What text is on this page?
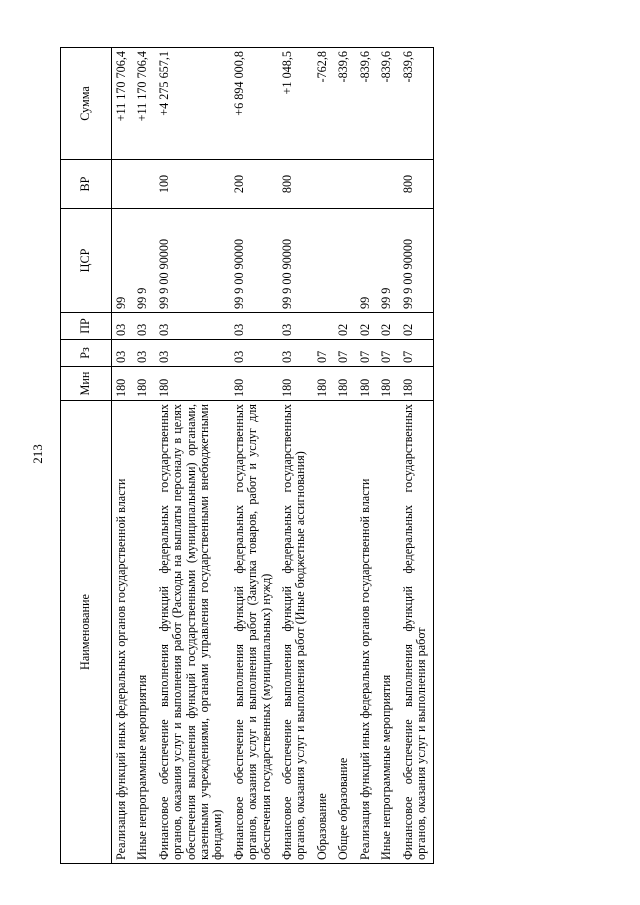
213
Наименование	Мин	Рз	ПР	ЦСР	ВР	Сумма
Реализация функций иных федеральных органов государственной власти	180	03	03	99		+11 170 706,4
Иные непрограммные мероприятия	180	03	03	99 9		+11 170 706,4
Финансовое обеспечение выполнения функций федеральных государственных органов, оказания услуг и выполнения работ (Расходы на выплаты персоналу в целях обеспечения выполнения функций государственными (муниципальными) органами, казенными учреждениями, органами управления государственными внебюджетными фондами)	180	03	03	99 9 00 90000	100	+4 275 657,1
Финансовое обеспечение выполнения функций федеральных государственных органов, оказания услуг и выполнения работ (Закупка товаров, работ и услуг для обеспечения государственных (муниципальных) нужд)	180	03	03	99 9 00 90000	200	+6 894 000,8
Финансовое обеспечение выполнения функций федеральных государственных органов, оказания услуг и выполнения работ (Иные бюджетные ассигнования)	180	03	03	99 9 00 90000	800	+1 048,5
Образование	180	07				-762,8
Общее образование	180	07	02			-839,6
Реализация функций иных федеральных органов государственной власти	180	07	02	99		-839,6
Иные непрограммные мероприятия	180	07	02	99 9		-839,6
Финансовое обеспечение выполнения функций федеральных государственных органов, оказания услуг и выполнения работ	180	07	02	99 9 00 90000	800	-839,6
